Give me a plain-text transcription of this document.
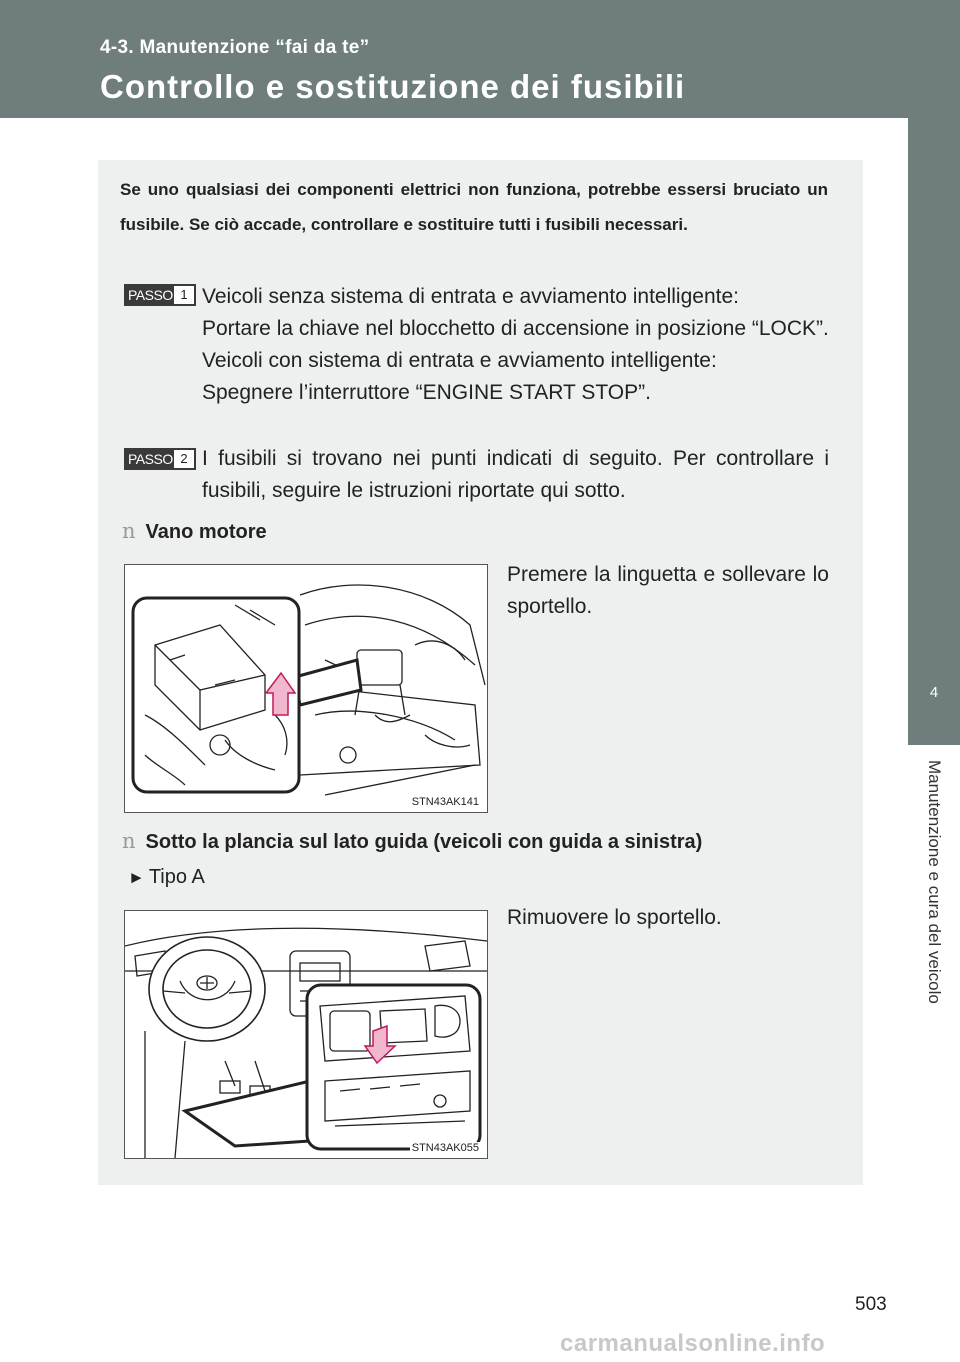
4-3. Manutenzione “fai da te”
Controllo e sostituzione dei fusibili
4
Manutenzione e cura del veicolo
Se uno qualsiasi dei componenti elettrici non funziona, potrebbe essersi bruciato un fusibile. Se ciò accade, controllare e sostituire tutti i fusibili necessari.
PASSO 1 Veicoli senza sistema di entrata e avviamento intelligente:
Portare la chiave nel blocchetto di accensione in posizione “LOCK”.
Veicoli con sistema di entrata e avviamento intelligente:
Spegnere l’interruttore “ENGINE START STOP”.
PASSO 2 I fusibili si trovano nei punti indicati di seguito. Per controllare i fusibili, seguire le istruzioni riportate qui sotto.
n Vano motore
STN43AK141
Premere la linguetta e sollevare lo sportello.
n Sotto la plancia sul lato guida (veicoli con guida a sinistra)
► Tipo A
STN43AK055
Rimuovere lo sportello.
503
carmanualsonline.info
